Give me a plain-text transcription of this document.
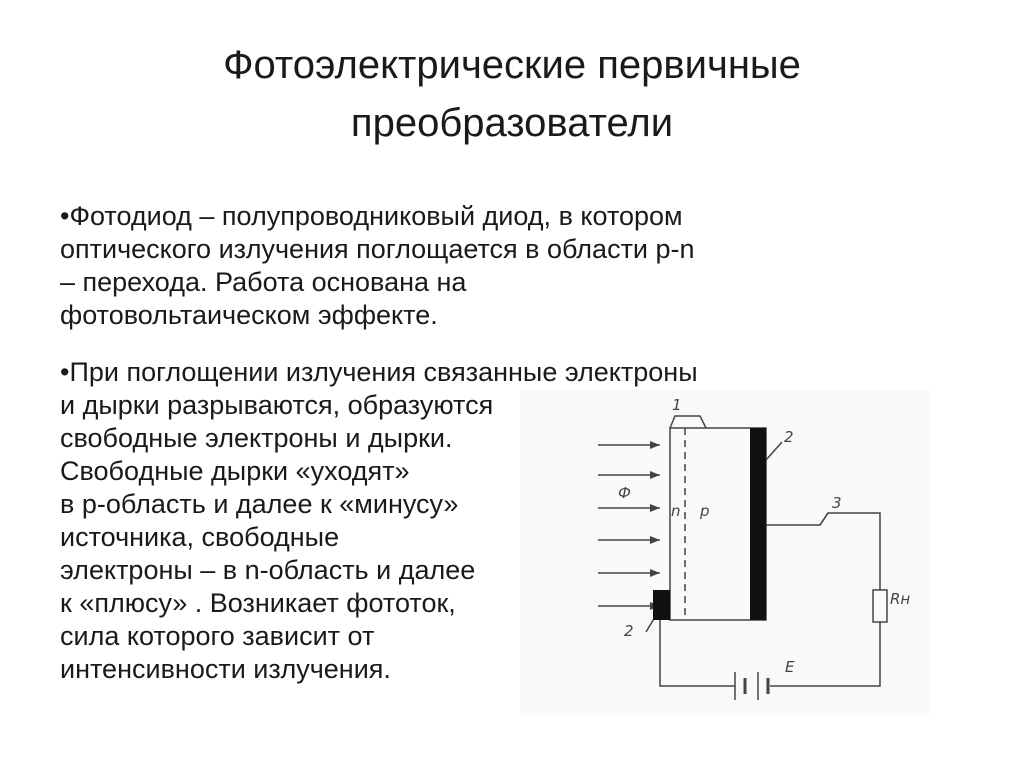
Фотоэлектрические первичные
преобразователи
1
2
3
Ф
n p
Rн
2
E
•Фотодиод – полупроводниковый диод, в котором
оптического излучения поглощается в области p-n
– перехода. Работа основана на
фотовольтаическом эффекте.
•При поглощении излучения связанные электроны
и дырки разрываются, образуются
свободные электроны и дырки.
Свободные дырки «уходят»
в p-область и далее к «минусу»
источника, свободные
электроны – в n-область и далее
к «плюсу» . Возникает фототок,
сила которого зависит от
интенсивности излучения.
